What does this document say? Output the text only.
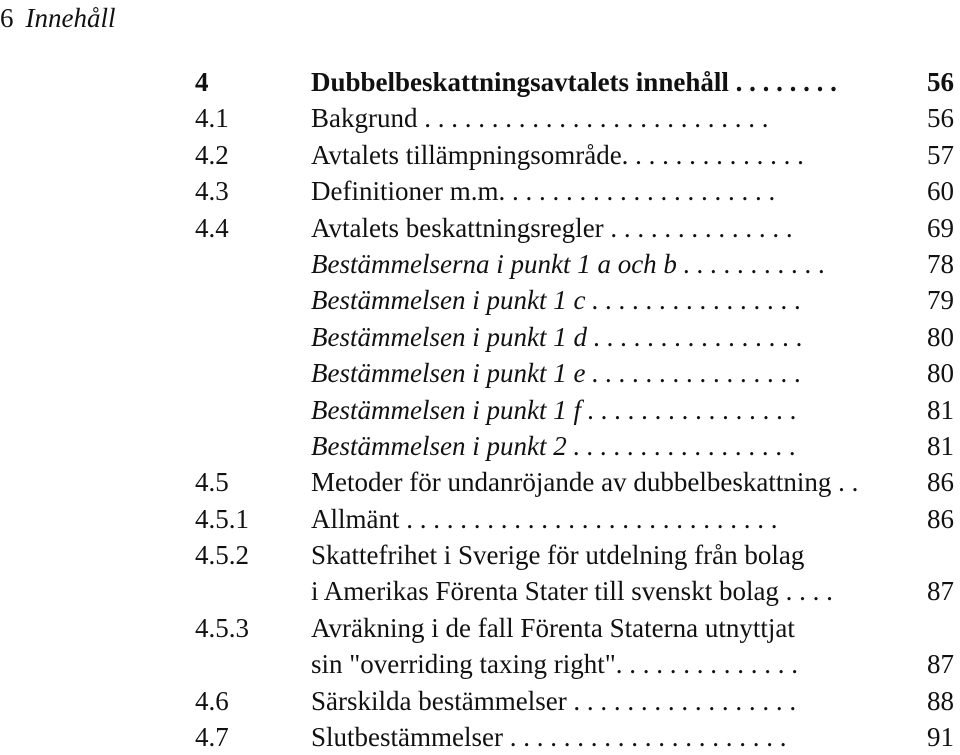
6 Innehåll
4	Dubbelbeskattningsavtalets innehåll . . . . . . . .	56
4.1	Bakgrund . . . . . . . . . . . . . . . . . . . . . . . . . .	56
4.2	Avtalets tillämpningsområde. . . . . . . . . . . . . .	57
4.3	Definitioner m.m. . . . . . . . . . . . . . . . . . . . .	60
4.4	Avtalets beskattningsregler . . . . . . . . . . . . . .	69
Bestämmelserna i punkt 1 a och b . . . . . . . . . . .	78
Bestämmelsen i punkt 1 c . . . . . . . . . . . . . . . .	79
Bestämmelsen i punkt 1 d . . . . . . . . . . . . . . . .	80
Bestämmelsen i punkt 1 e . . . . . . . . . . . . . . . .	80
Bestämmelsen i punkt 1 f . . . . . . . . . . . . . . . .	81
Bestämmelsen i punkt 2 . . . . . . . . . . . . . . . . .	81
4.5	Metoder för undanröjande av dubbelbeskattning . .	86
4.5.1 Allmänt . . . . . . . . . . . . . . . . . . . . . . . . . . . .	86
4.5.2 Skattefrihet i Sverige för utdelning från bolag
i Amerikas Förenta Stater till svenskt bolag . . . .	87
4.5.3 Avräkning i de fall Förenta Staterna utnyttjat
sin "overriding taxing right". . . . . . . . . . . . . .	87
4.6	Särskilda bestämmelser . . . . . . . . . . . . . . . . .	88
4.7	Slutbestämmelser . . . . . . . . . . . . . . . . . . . . .	91
